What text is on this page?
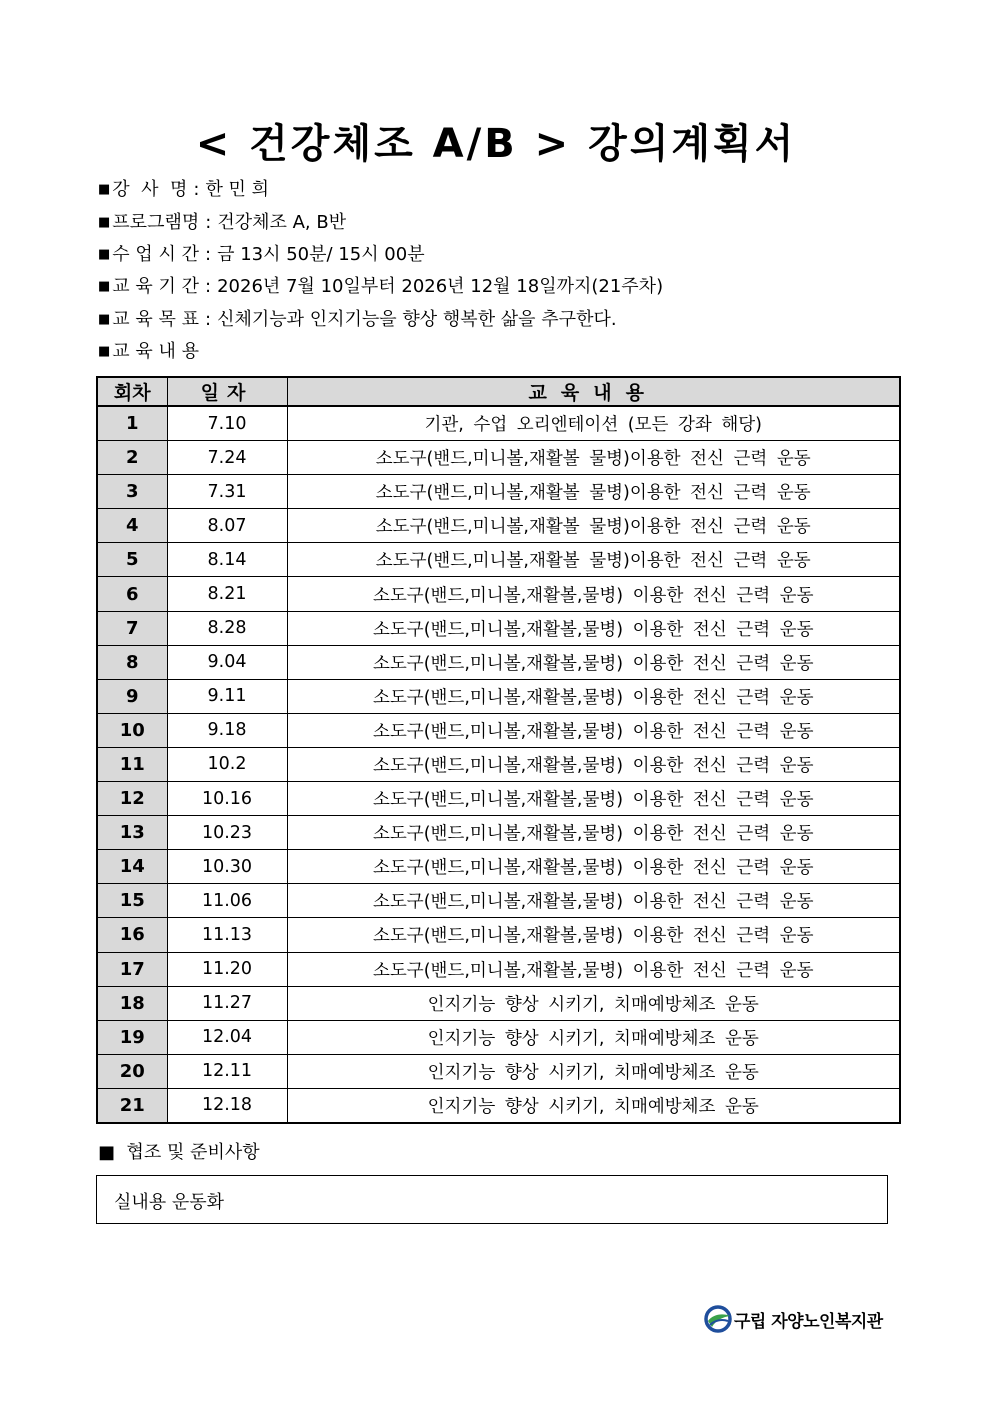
< 건강체조 A/B > 강의계획서
■ 강  사  명 : 한 민 희
■ 프로그램명 : 건강체조 A, B반
■ 수 업 시 간 : 금 13시 50분/ 15시 00분
■ 교 육 기 간 : 2026년 7월 10일부터 2026년 12월 18일까지(21주차)
■ 교 육 목 표 : 신체기능과 인지기능을 향상 행복한 삶을 추구한다.
■ 교 육 내 용
회차	일자	교육내용
1	7.10	기관, 수업 오리엔테이션 (모든 강좌 해당)
2	7.24	소도구(밴드,미니볼,재활볼 물병)이용한 전신 근력 운동
3	7.31	소도구(밴드,미니볼,재활볼 물병)이용한 전신 근력 운동
4	8.07	소도구(밴드,미니볼,재활볼 물병)이용한 전신 근력 운동
5	8.14	소도구(밴드,미니볼,재활볼 물병)이용한 전신 근력 운동
6	8.21	소도구(밴드,미니볼,재활볼,물병) 이용한 전신 근력 운동
7	8.28	소도구(밴드,미니볼,재활볼,물병) 이용한 전신 근력 운동
8	9.04	소도구(밴드,미니볼,재활볼,물병) 이용한 전신 근력 운동
9	9.11	소도구(밴드,미니볼,재활볼,물병) 이용한 전신 근력 운동
10	9.18	소도구(밴드,미니볼,재활볼,물병) 이용한 전신 근력 운동
11	10.2	소도구(밴드,미니볼,재활볼,물병) 이용한 전신 근력 운동
12	10.16	소도구(밴드,미니볼,재활볼,물병) 이용한 전신 근력 운동
13	10.23	소도구(밴드,미니볼,재활볼,물병) 이용한 전신 근력 운동
14	10.30	소도구(밴드,미니볼,재활볼,물병) 이용한 전신 근력 운동
15	11.06	소도구(밴드,미니볼,재활볼,물병) 이용한 전신 근력 운동
16	11.13	소도구(밴드,미니볼,재활볼,물병) 이용한 전신 근력 운동
17	11.20	소도구(밴드,미니볼,재활볼,물병) 이용한 전신 근력 운동
18	11.27	인지기능 향상 시키기, 치매예방체조 운동
19	12.04	인지기능 향상 시키기, 치매예방체조 운동
20	12.11	인지기능 향상 시키기, 치매예방체조 운동
21	12.18	인지기능 향상 시키기, 치매예방체조 운동
■  협조 및 준비사항
실내용 운동화
구립 자양노인복지관
